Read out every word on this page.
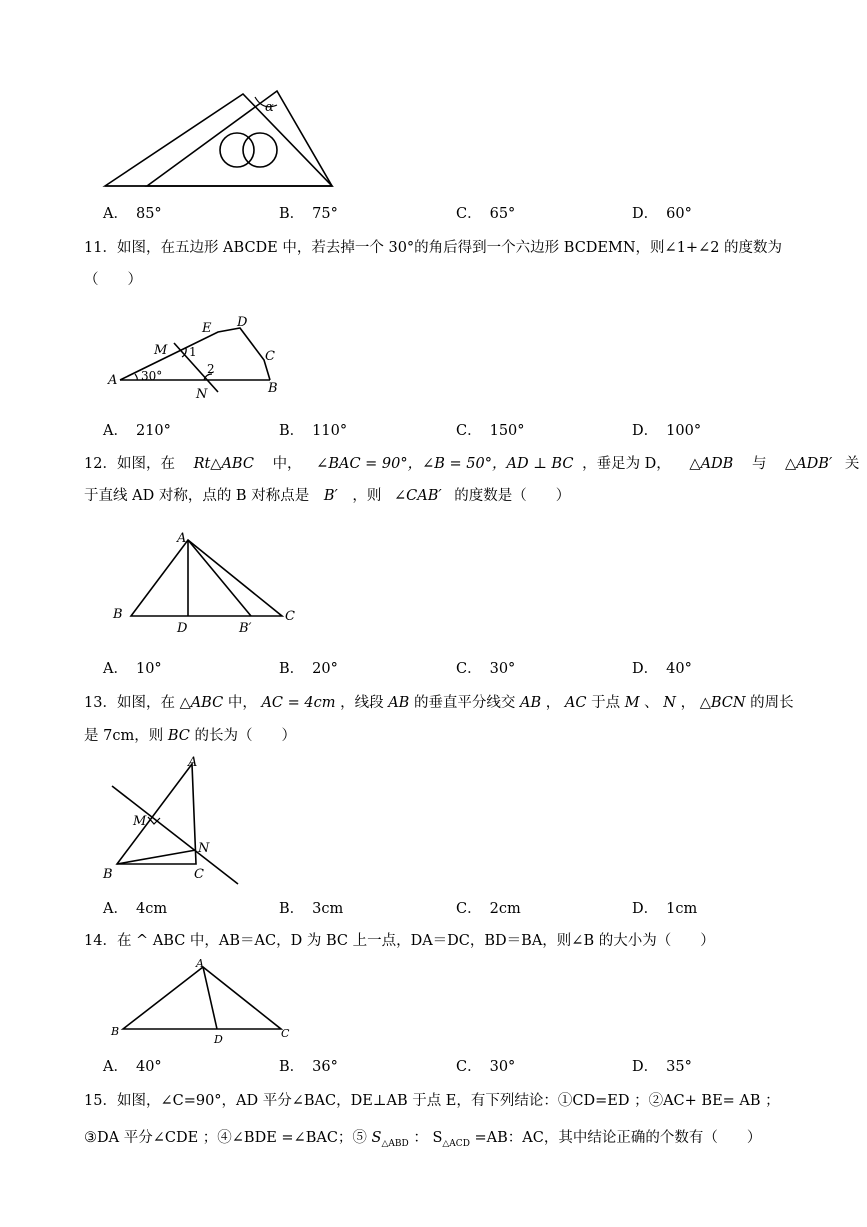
α
A． 85°	B． 75°	C． 65°	D． 60°
11．如图，在五边形 ABCDE 中，若去掉一个 30°的角后得到一个六边形 BCDEMN，则∠1+∠2 的度数为
（　　）
A 30°
M 1
E D
C
2
B
N
A． 210°	B． 110°	C． 150°	D． 100°
12．如图，在 Rt△ABC 中， ∠BAC = 90°，∠B = 50°，AD ⊥ BC ，垂足为 D， △ADB 与 △ADB′ 关
于直线 AD 对称，点的 B 对称点是 B′ ，则 ∠CAB′ 的度数是（　　）
A
B
D	B′
C
A． 10°	B． 20°	C． 30°	D． 40°
13．如图，在 △ABC 中， AC = 4cm ，线段 AB 的垂直平分线交 AB ， AC 于点 M 、 N ， △BCN 的周长
是 7cm，则 BC 的长为（　　）
A
M
N
B	C
A． 4cm	B． 3cm	C． 2cm	D． 1cm
14．在 ^ ABC 中，AB＝AC，D 为 BC 上一点，DA＝DC，BD＝BA，则∠B 的大小为（　　）
A
B
D	C
A． 40°	B． 36°	C． 30°	D． 35°
15．如图，∠C=90°，AD 平分∠BAC，DE⊥AB 于点 E，有下列结论：①CD=ED ；②AC+ BE= AB ；
③DA 平分∠CDE ；④∠BDE =∠BAC；⑤ $S_{\triangle ABD}$ ： $S_{\triangle ACD} =AB$：AC，其中结论正确的个数有（　　）
